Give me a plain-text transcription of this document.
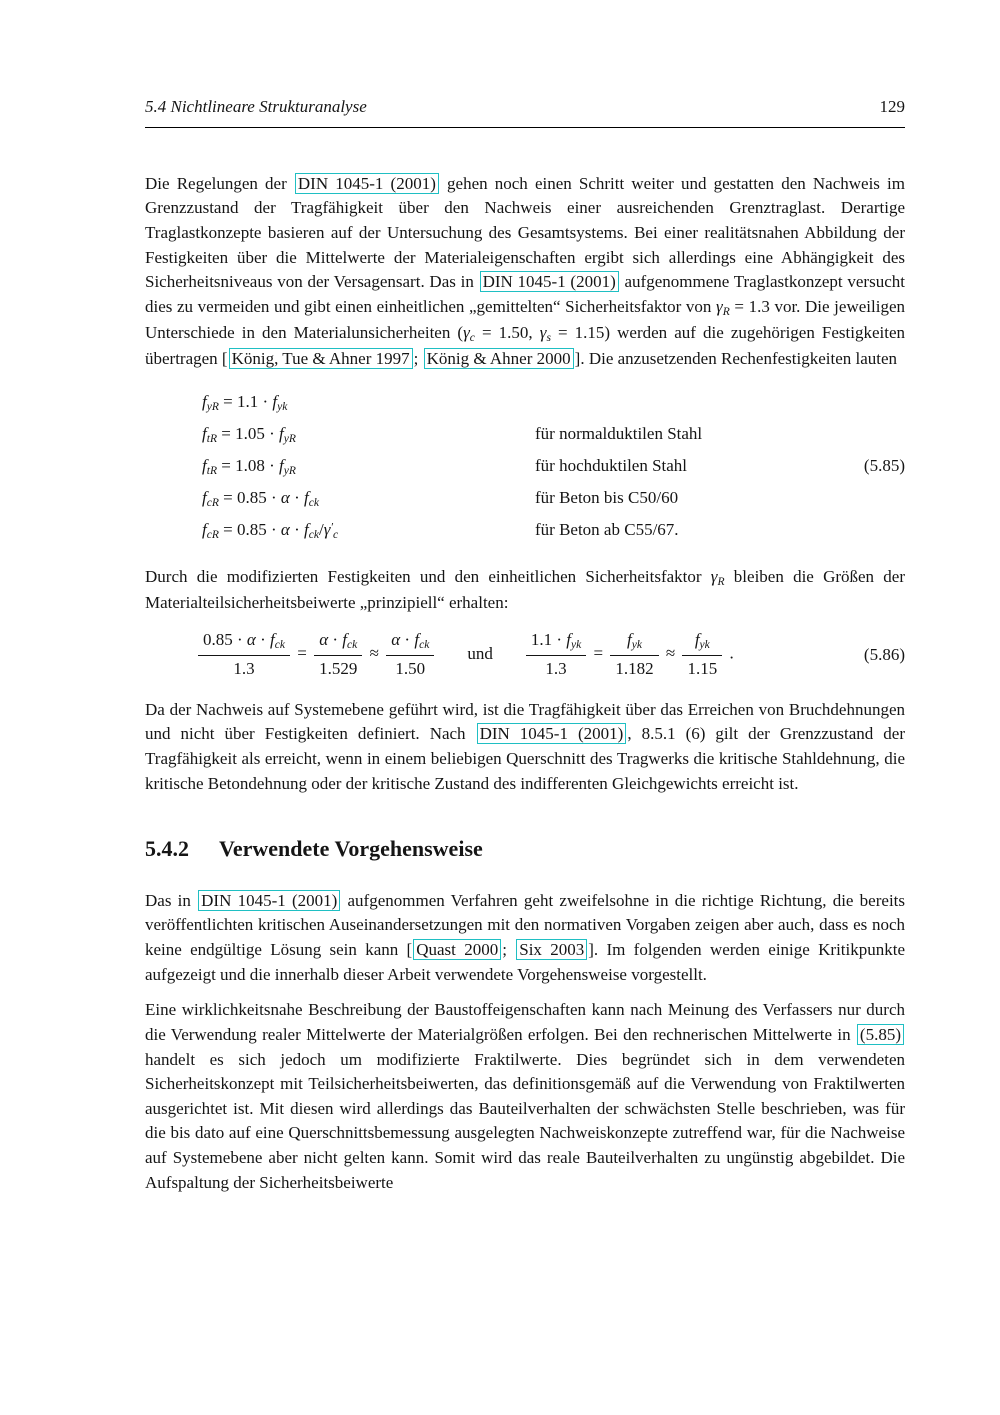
5.4 Nichtlineare Strukturanalyse	129

Die Regelungen der DIN 1045-1 (2001) gehen noch einen Schritt weiter und gestatten den Nachweis im Grenzzustand der Tragfähigkeit über den Nachweis einer ausreichenden Grenztraglast. Derartige Traglastkonzepte basieren auf der Untersuchung des Gesamtsystems. Bei einer realitätsnahen Abbildung der Festigkeiten über die Mittelwerte der Materialeigenschaften ergibt sich allerdings eine Abhängigkeit des Sicherheitsniveaus von der Versagensart. Das in DIN 1045-1 (2001) aufgenommene Traglastkonzept versucht dies zu vermeiden und gibt einen einheitlichen „gemittelten“ Sicherheitsfaktor von γR = 1.3 vor. Die jeweiligen Unterschiede in den Materialunsicherheiten (γc = 1.50, γs = 1.15) werden auf die zugehörigen Festigkeiten übertragen [ König, Tue & Ahner 1997 ; König & Ahner 2000 ]. Die anzusetzenden Rechenfestigkeiten lauten

fyR = 1.1 · fyk
ftR = 1.05 · fyR	für normalduktilen Stahl
ftR = 1.08 · fyR	für hochduktilen Stahl	(5.85)
fcR = 0.85 · α · fck	für Beton bis C50/60
fcR = 0.85 · α · fck/γ′c	für Beton ab C55/67.

Durch die modifizierten Festigkeiten und den einheitlichen Sicherheitsfaktor γR bleiben die Größen der Materialteilsicherheitsbeiwerte „prinzipiell“ erhalten:

$\frac{\text{0.85 · α · fck}}{1.3} = \frac{\text{α · fck}}{1.529} \approx \frac{\text{α · fck}}{1.50}$ und $\frac{\text{1.1 · fyk}}{1.3} = \frac{\text{fyk}}{1.182} \approx \frac{\text{fyk}}{1.15}$ .	(5.86)

Da der Nachweis auf Systemebene geführt wird, ist die Tragfähigkeit über das Erreichen von Bruchdehnungen und nicht über Festigkeiten definiert. Nach DIN 1045-1 (2001) , 8.5.1 (6) gilt der Grenzzustand der Tragfähigkeit als erreicht, wenn in einem beliebigen Querschnitt des Tragwerks die kritische Stahldehnung, die kritische Betondehnung oder der kritische Zustand des indifferenten Gleichgewichts erreicht ist.

5.4.2 Verwendete Vorgehensweise

Das in DIN 1045-1 (2001) aufgenommen Verfahren geht zweifelsohne in die richtige Richtung, die bereits veröffentlichten kritischen Auseinandersetzungen mit den normativen Vorgaben zeigen aber auch, dass es noch keine endgültige Lösung sein kann [ Quast 2000 ; Six 2003 ]. Im folgenden werden einige Kritikpunkte aufgezeigt und die innerhalb dieser Arbeit verwendete Vorgehensweise vorgestellt.

Eine wirklichkeitsnahe Beschreibung der Baustoffeigenschaften kann nach Meinung des Verfassers nur durch die Verwendung realer Mittelwerte der Materialgrößen erfolgen. Bei den rechnerischen Mittelwerte in (5.85) handelt es sich jedoch um modifizierte Fraktilwerte. Dies begründet sich in dem verwendeten Sicherheitskonzept mit Teilsicherheitsbeiwerten, das definitionsgemäß auf die Verwendung von Fraktilwerten ausgerichtet ist. Mit diesen wird allerdings das Bauteilverhalten der schwächsten Stelle beschrieben, was für die bis dato auf eine Querschnittsbemessung ausgelegten Nachweiskonzepte zutreffend war, für die Nachweise auf Systemebene aber nicht gelten kann. Somit wird das reale Bauteilverhalten zu ungünstig abgebildet. Die Aufspaltung der Sicherheitsbeiwerte
